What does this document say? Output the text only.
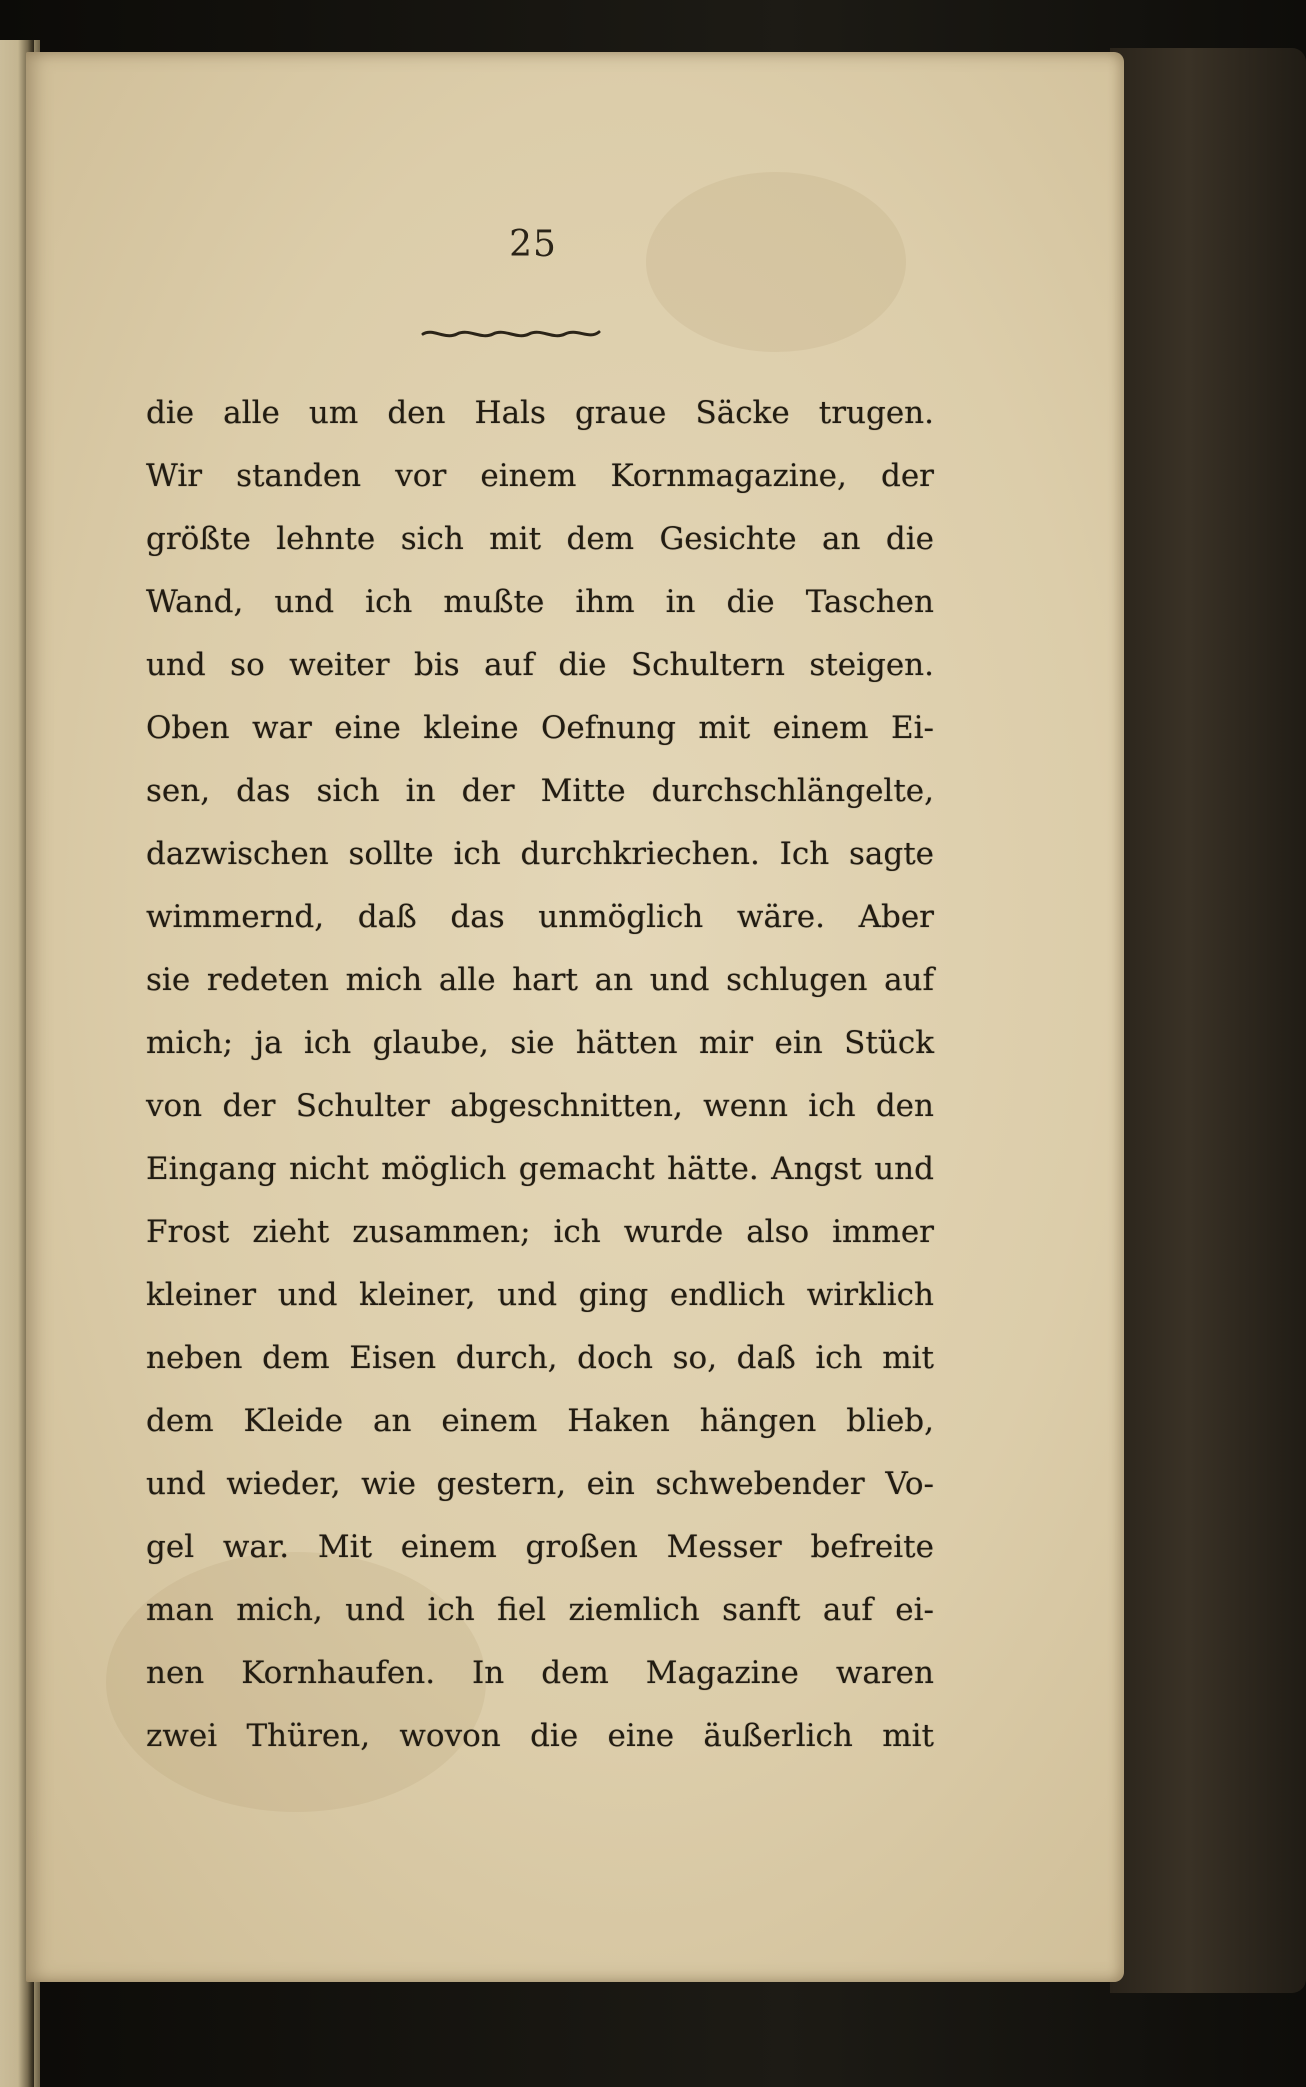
25
die alle um den Hals graue Säcke trugen.
Wir standen vor einem Kornmagazine, der
größte lehnte sich mit dem Gesichte an die
Wand, und ich mußte ihm in die Taschen
und so weiter bis auf die Schultern steigen.
Oben war eine kleine Oefnung mit einem Ei-
sen, das sich in der Mitte durchschlängelte,
dazwischen sollte ich durchkriechen. Ich sagte
wimmernd, daß das unmöglich wäre. Aber
sie redeten mich alle hart an und schlugen auf
mich; ja ich glaube, sie hätten mir ein Stück
von der Schulter abgeschnitten, wenn ich den
Eingang nicht möglich gemacht hätte. Angst und
Frost zieht zusammen; ich wurde also immer
kleiner und kleiner, und ging endlich wirklich
neben dem Eisen durch, doch so, daß ich mit
dem Kleide an einem Haken hängen blieb,
und wieder, wie gestern, ein schwebender Vo-
gel war. Mit einem großen Messer befreite
man mich, und ich fiel ziemlich sanft auf ei-
nen Kornhaufen. In dem Magazine waren
zwei Thüren, wovon die eine äußerlich mit
